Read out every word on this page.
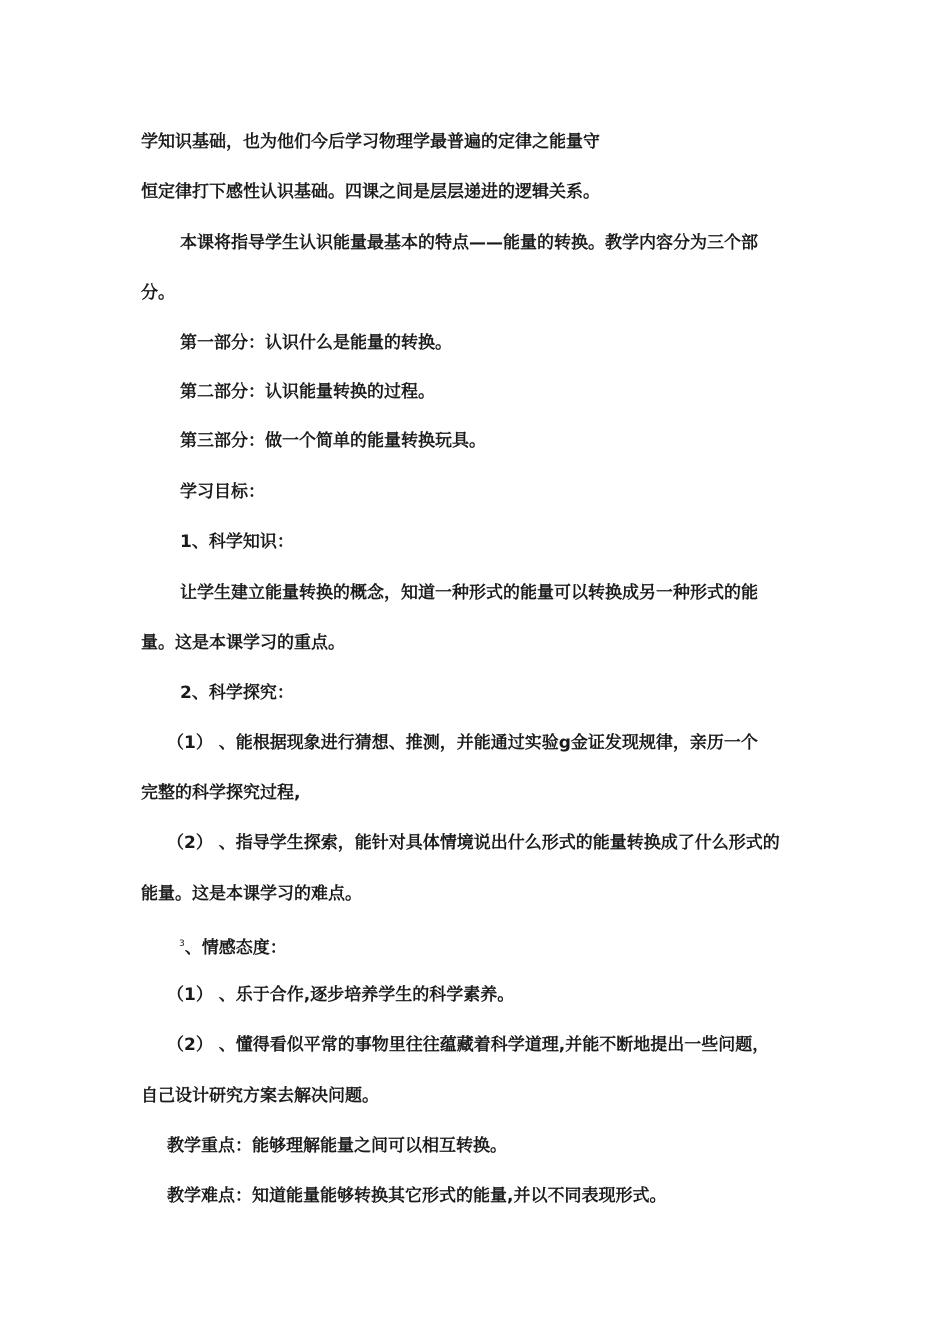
学知识基础，也为他们今后学习物理学最普遍的定律之能量守
恒定律打下感性认识基础。四课之间是层层递进的逻辑关系。
本课将指导学生认识能量最基本的特点——能量的转换。教学内容分为三个部
分。
第一部分：认识什么是能量的转换。
第二部分：认识能量转换的过程。
第三部分：做一个简单的能量转换玩具。
学习目标：
1、科学知识：
让学生建立能量转换的概念，知道一种形式的能量可以转换成另一种形式的能
量。这是本课学习的重点。
2、科学探究：
（1） 、能根据现象进行猜想、推测，并能通过实验g金证发现规律，亲历一个
完整的科学探究过程,
（2） 、指导学生探索，能针对具体情境说出什么形式的能量转换成了什么形式的
能量。这是本课学习的难点。
$^3$、情感态度：
（1） 、乐于合作,逐步培养学生的科学素养。
（2） 、懂得看似平常的事物里往往蕴藏着科学道理,并能不断地提出一些问题，
自己设计研究方案去解决问题。
教学重点：能够理解能量之间可以相互转换。
教学难点：知道能量能够转换其它形式的能量,并以不同表现形式。
